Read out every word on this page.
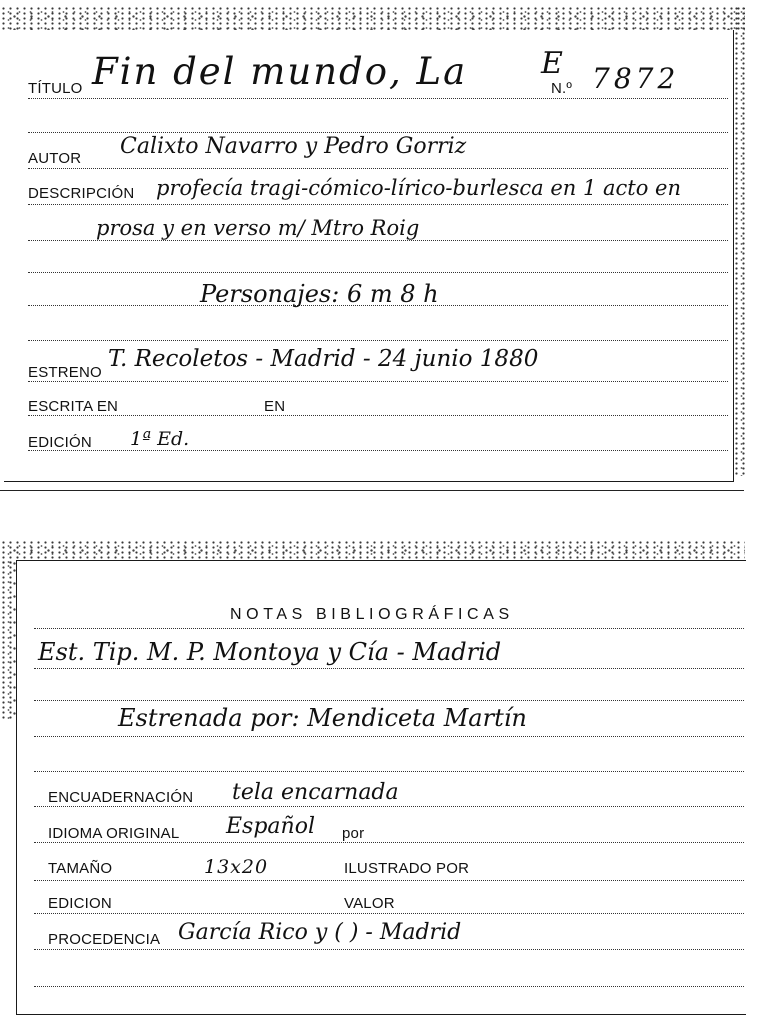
TÍTULO Fin del mundo, La E
N.º 7872
AUTOR Calixto Navarro y Pedro Gorriz
DESCRIPCIÓN profecía tragi-cómico-lírico-burlesca en 1 acto en
prosa y en verso m/ Mtro Roig
Personajes: 6 m 8 h
ESTRENO
T. Recoletos - Madrid - 24 junio 1880
ESCRITA EN	EN
EDICIÓN 1ª Ed.
NOTAS BIBLIOGRÁFICAS
Est. Tip. M. P. Montoya y Cía - Madrid
Estrenada por: Mendiceta Martín
ENCUADERNACIÓN tela encarnada
IDIOMA ORIGINAL Español por
TAMAÑO	13x20	ILUSTRADO POR
EDICION	VALOR
PROCEDENCIA García Rico y ( ) - Madrid
